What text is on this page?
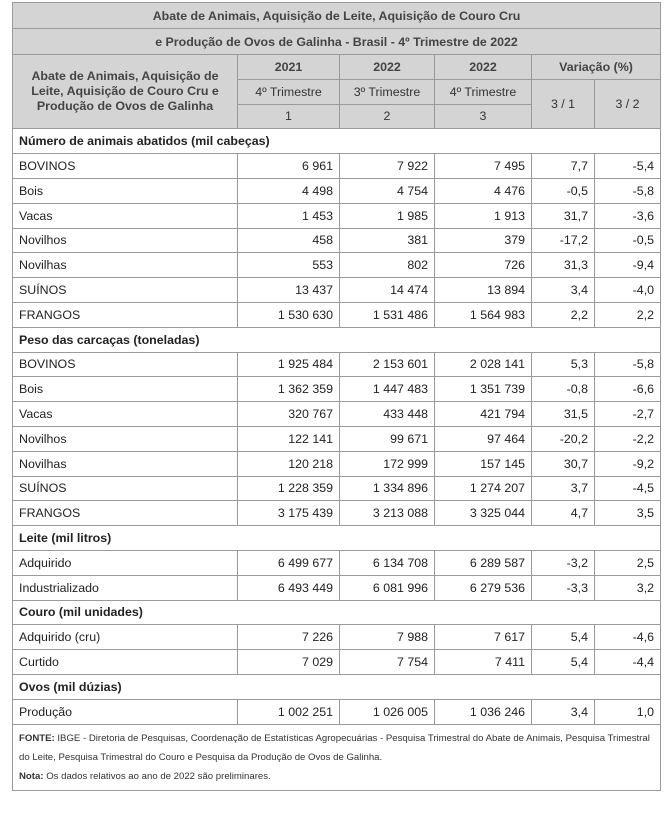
Abate de Animais, Aquisição de Leite, Aquisição de Couro Cru					
e Produção de Ovos de Galinha - Brasil - 4º Trimestre de 2022					
Abate de Animais, Aquisição de Leite, Aquisição de Couro Cru e Produção de Ovos de Galinha	2021	2022	2022	Variação (%)	
	4º Trimestre	3º Trimestre	4º Trimestre	3 / 1	3 / 2
	1	2	3		
Número de animais abatidos (mil cabeças)					
BOVINOS	6 961	7 922	7 495	7,7	-5,4
Bois	4 498	4 754	4 476	-0,5	-5,8
Vacas	1 453	1 985	1 913	31,7	-3,6
Novilhos	458	381	379	-17,2	-0,5
Novilhas	553	802	726	31,3	-9,4
SUÍNOS	13 437	14 474	13 894	3,4	-4,0
FRANGOS	1 530 630	1 531 486	1 564 983	2,2	2,2
Peso das carcaças (toneladas)					
BOVINOS	1 925 484	2 153 601	2 028 141	5,3	-5,8
Bois	1 362 359	1 447 483	1 351 739	-0,8	-6,6
Vacas	320 767	433 448	421 794	31,5	-2,7
Novilhos	122 141	99 671	97 464	-20,2	-2,2
Novilhas	120 218	172 999	157 145	30,7	-9,2
SUÍNOS	1 228 359	1 334 896	1 274 207	3,7	-4,5
FRANGOS	3 175 439	3 213 088	3 325 044	4,7	3,5
Leite (mil litros)					
Adquirido	6 499 677	6 134 708	6 289 587	-3,2	2,5
Industrializado	6 493 449	6 081 996	6 279 536	-3,3	3,2
Couro (mil unidades)					
Adquirido (cru)	7 226	7 988	7 617	5,4	-4,6
Curtido	7 029	7 754	7 411	5,4	-4,4
Ovos (mil dúzias)					
Produção	1 002 251	1 026 005	1 036 246	3,4	1,0

FONTE: IBGE - Diretoria de Pesquisas, Coordenação de Estatísticas Agropecuárias - Pesquisa Trimestral do Abate de Animais, Pesquisa Trimestral do Leite, Pesquisa Trimestral do Couro e Pesquisa da Produção de Ovos de Galinha.
Nota: Os dados relativos ao ano de 2022 são preliminares.					
